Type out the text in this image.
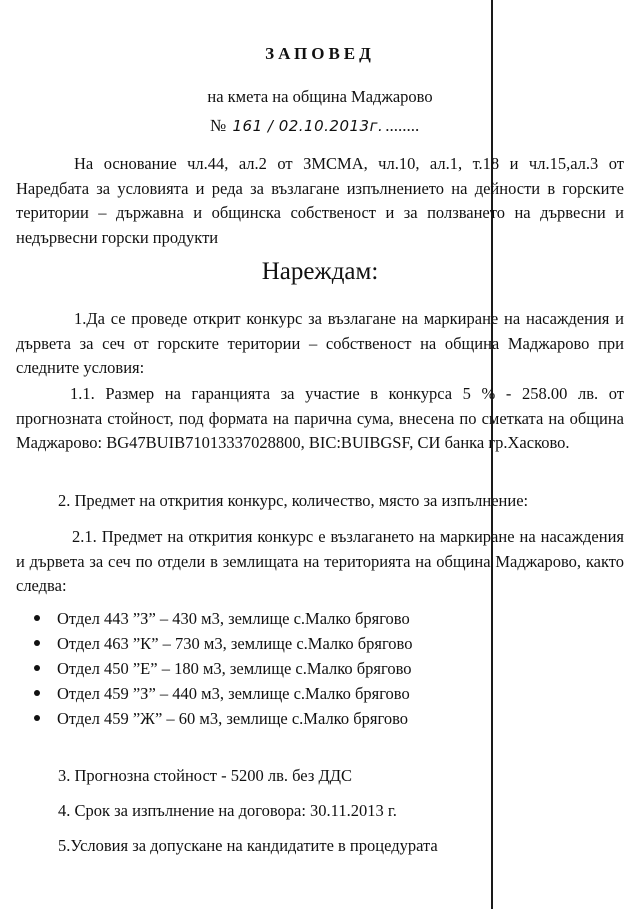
ЗАПОВЕД
на кмета на община Маджарово
№ 161 / 02.10.2013г. ........
На основание чл.44, ал.2 от ЗМСМА, чл.10, ал.1, т.18 и чл.15,ал.3 от Наредбата за условията и реда за възлагане изпълнението на дейности в горските територии – държавна и общинска собственост и за ползването на дървесни и недървесни горски продукти
Нареждам:
1.Да се проведе открит конкурс за възлагане на маркиране на насаждения и дървета за сеч от горските територии – собственост на община Маджарово при следните условия:
1.1. Размер на гаранцията за участие в конкурса 5 % - 258.00 лв. от прогнозната стойност, под формата на парична сума, внесена по сметката на община Маджарово: BG47BUIB71013337028800, BIC:BUIBGSF, СИ банка гр.Хасково.
2. Предмет на открития конкурс, количество, място за изпълнение:
2.1. Предмет на открития конкурс е възлагането на маркиране на насаждения и дървета за сеч по отдели в землищата на територията на община Маджарово, както следва:
Отдел 443 ”З” – 430 м3, землище с.Малко брягово
Отдел 463 ”К” – 730 м3, землище с.Малко брягово
Отдел 450 ”Е” – 180 м3, землище с.Малко брягово
Отдел 459 ”З” – 440 м3, землище с.Малко брягово
Отдел 459 ”Ж” – 60 м3, землище с.Малко брягово
3. Прогнозна стойност - 5200 лв. без ДДС
4. Срок за изпълнение на договора: 30.11.2013 г.
5.Условия за допускане на кандидатите в процедурата
